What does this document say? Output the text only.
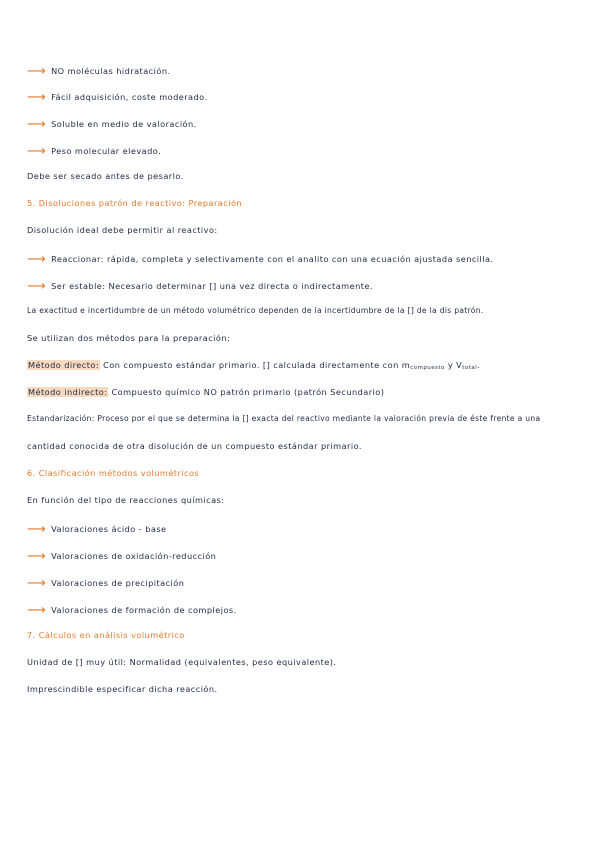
⟶ NO moléculas hidratación.
⟶ Fácil adquisición, coste moderado.
⟶ Soluble en medio de valoración.
⟶ Peso molecular elevado.
Debe ser secado antes de pesarlo.
5. Disoluciones patrón de reactivo: Preparación
Disolución ideal debe permitir al reactivo:
⟶ Reaccionar: rápida, completa y selectivamente con el analito con una ecuación ajustada sencilla.
⟶ Ser estable: Necesario determinar [] una vez directa o indirectamente.
La exactitud e incertidumbre de un método volumétrico dependen de la incertidumbre de la [] de la dis patrón.
Se utilizan dos métodos para la preparación:
Método directo: Con compuesto estándar primario. [] calculada directamente con mcompuesto y Vtotal.
Método indirecto: Compuesto químico NO patrón primario (patrón Secundario)
Estandarización: Proceso por el que se determina la [] exacta del reactivo mediante la valoración previa de éste frente a una
cantidad conocida de otra disolución de un compuesto estándar primario.
6. Clasificación métodos volumétricos
En función del tipo de reacciones químicas:
⟶ Valoraciones ácido - base
⟶ Valoraciones de oxidación-reducción
⟶ Valoraciones de precipitación
⟶ Valoraciones de formación de complejos.
7. Cálculos en análisis volumétrico
Unidad de [] muy útil: Normalidad (equivalentes, peso equivalente).
Imprescindible especificar dicha reacción.
